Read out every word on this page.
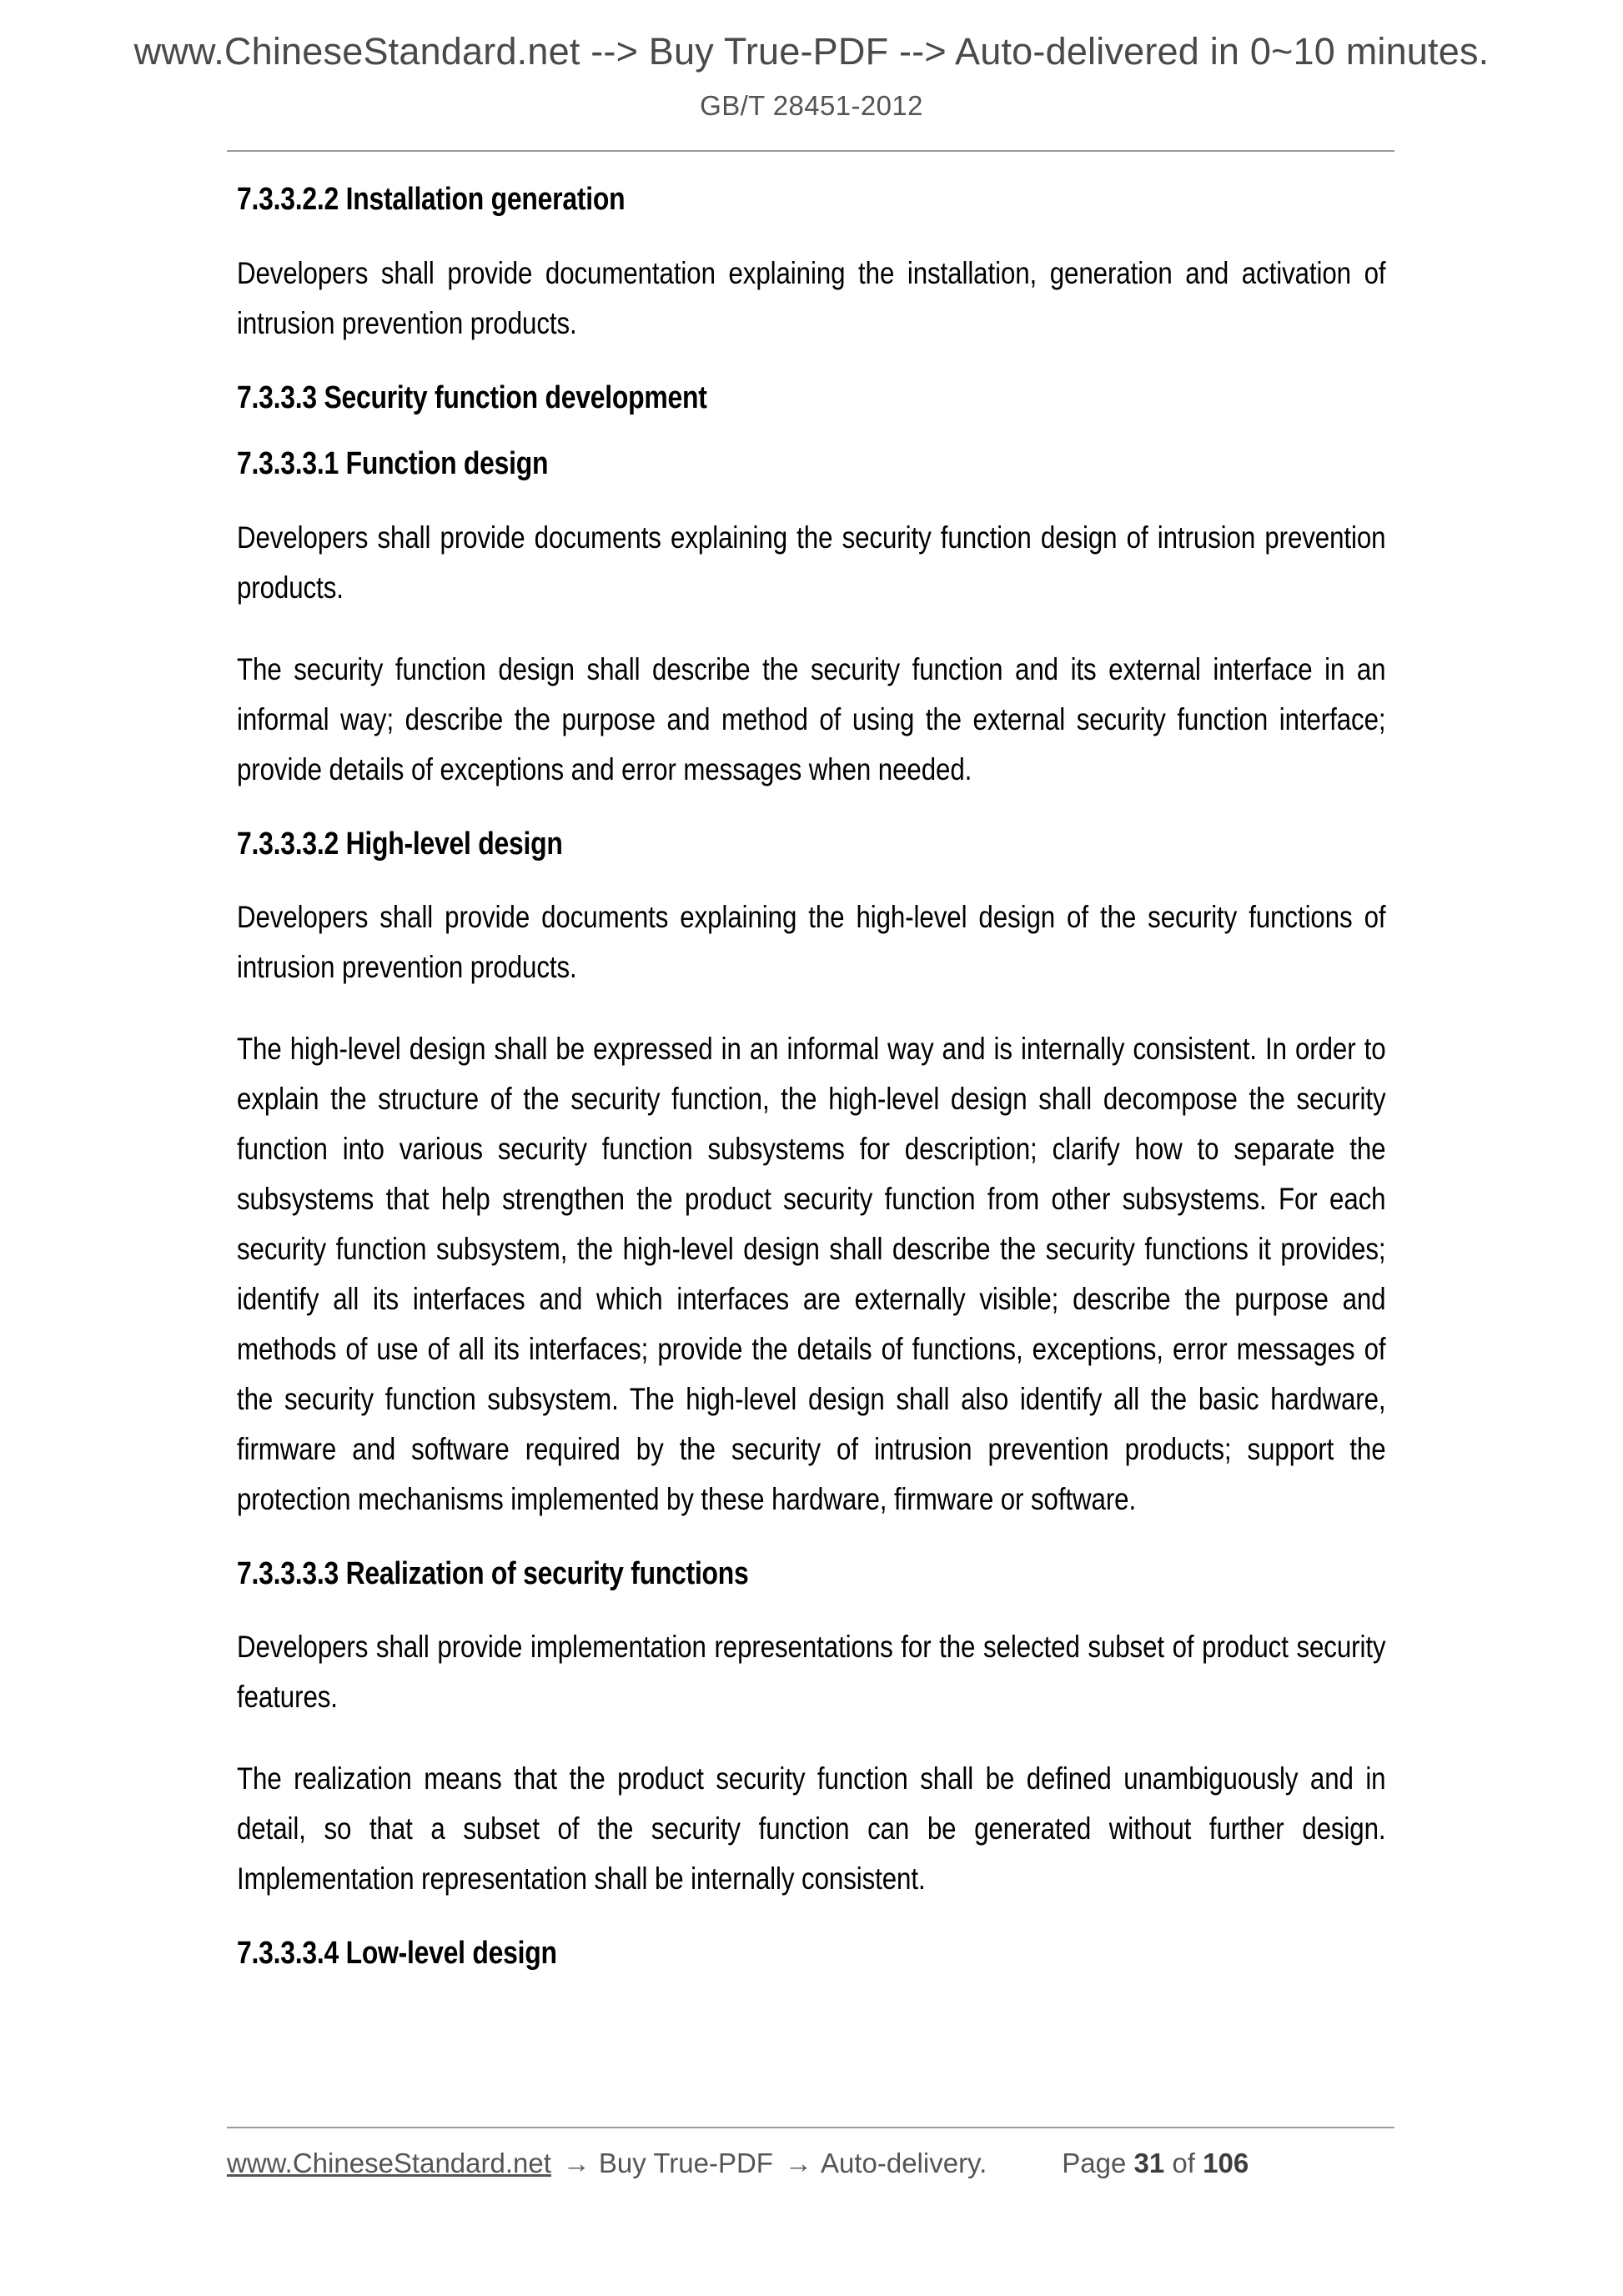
www.ChineseStandard.net --> Buy True-PDF --> Auto-delivered in 0~10 minutes.
GB/T 28451-2012
7.3.3.2.2 Installation generation

Developers shall provide documentation explaining the installation, generation and activation of intrusion prevention products.

7.3.3.3 Security function development
7.3.3.3.1 Function design

Developers shall provide documents explaining the security function design of intrusion prevention products.

The security function design shall describe the security function and its external interface in an informal way; describe the purpose and method of using the external security function interface; provide details of exceptions and error messages when needed.

7.3.3.3.2 High-level design

Developers shall provide documents explaining the high-level design of the security functions of intrusion prevention products.

The high-level design shall be expressed in an informal way and is internally consistent. In order to explain the structure of the security function, the high-level design shall decompose the security function into various security function subsystems for description; clarify how to separate the subsystems that help strengthen the product security function from other subsystems. For each security function subsystem, the high-level design shall describe the security functions it provides; identify all its interfaces and which interfaces are externally visible; describe the purpose and methods of use of all its interfaces; provide the details of functions, exceptions, error messages of the security function subsystem. The high-level design shall also identify all the basic hardware, firmware and software required by the security of intrusion prevention products; support the protection mechanisms implemented by these hardware, firmware or software.

7.3.3.3.3 Realization of security functions

Developers shall provide implementation representations for the selected subset of product security features.

The realization means that the product security function shall be defined unambiguously and in detail, so that a subset of the security function can be generated without further design. Implementation representation shall be internally consistent.

7.3.3.3.4 Low-level design
www.ChineseStandard.net → Buy True-PDF → Auto-delivery.	Page 31 of 106
